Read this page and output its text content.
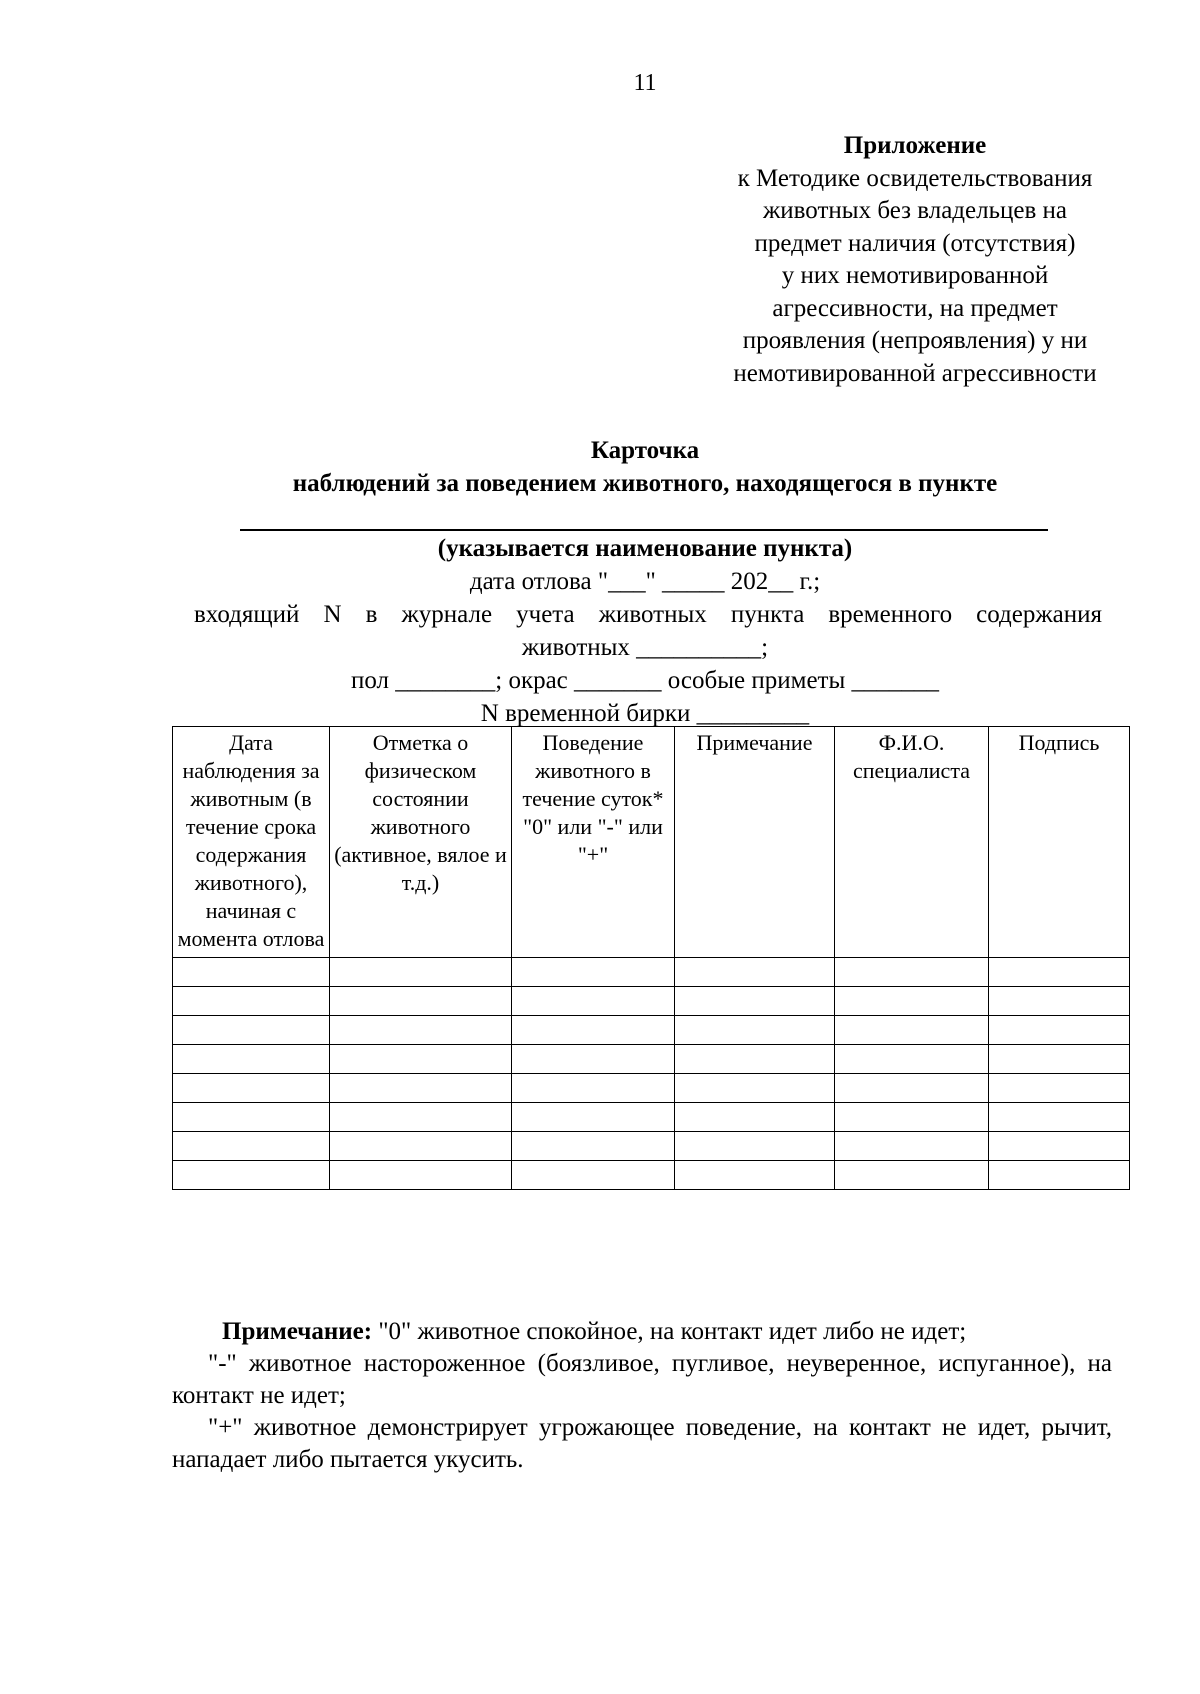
11
Приложение
к Методике освидетельствования
животных без владельцев на
предмет наличия (отсутствия)
у них немотивированной
агрессивности, на предмет
проявления (непроявления) у ни
немотивированной агрессивности
Карточка
наблюдений за поведением животного, находящегося в пункте
(указывается наименование пункта)
дата отлова "___" _____ 202__ г.;
входящий N в журнале учета животных пункта временного содержания
животных __________;
пол ________; окрас _______ особые приметы _______
N временной бирки _________
Дата наблюдения за животным (в течение срока содержания животного), начиная с момента отлова	Отметка о физическом состоянии животного (активное, вялое и т.д.)	Поведение животного в течение суток* "0" или "-" или "+"	Примечание	Ф.И.О. специалиста	Подпись

Примечание: "0" животное спокойное, на контакт идет либо не идет;

"-" животное настороженное (боязливое, пугливое, неуверенное, испуганное), на контакт не идет;

"+" животное демонстрирует угрожающее поведение, на контакт не идет, рычит, нападает либо пытается укусить.
